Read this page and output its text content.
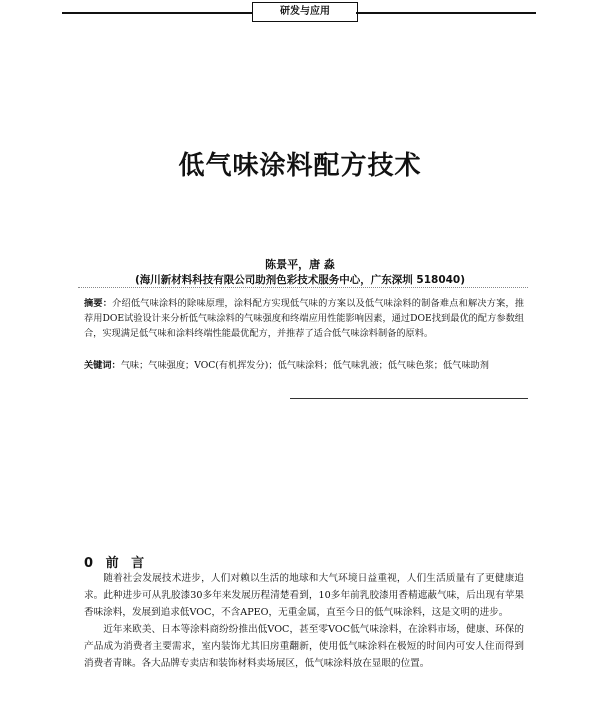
研发与应用
低气味涂料配方技术
陈景平，唐 淼
(海川新材料科技有限公司助剂色彩技术服务中心，广东深圳 518040)
摘要：介绍低气味涂料的除味原理，涂料配方实现低气味的方案以及低气味涂料的制备难点和解决方案，推荐用DOE试验设计来分析低气味涂料的气味强度和终端应用性能影响因素，通过DOE找到最优的配方参数组合，实现满足低气味和涂料终端性能最优配方，并推荐了适合低气味涂料制备的原料。
关键词：气味；气味强度；VOC(有机挥发分)；低气味涂料；低气味乳液；低气味色浆；低气味助剂
0 前 言

随着社会发展技术进步，人们对赖以生活的地球和大气环境日益重视，人们生活质量有了更健康追求。此种进步可从乳胶漆30多年来发展历程清楚看到，10多年前乳胶漆用香精遮蔽气味，后出现有苹果香味涂料，发展到追求低VOC，不含APEO，无重金属，直至今日的低气味涂料，这是文明的进步。

近年来欧美、日本等涂料商纷纷推出低VOC，甚至零VOC低气味涂料，在涂料市场，健康、环保的产品成为消费者主要需求，室内装饰尤其旧房重翻新，使用低气味涂料在极短的时间内可安人住而得到消费者青睐。各大品牌专卖店和装饰材料卖场展区，低气味涂料放在显眼的位置。
